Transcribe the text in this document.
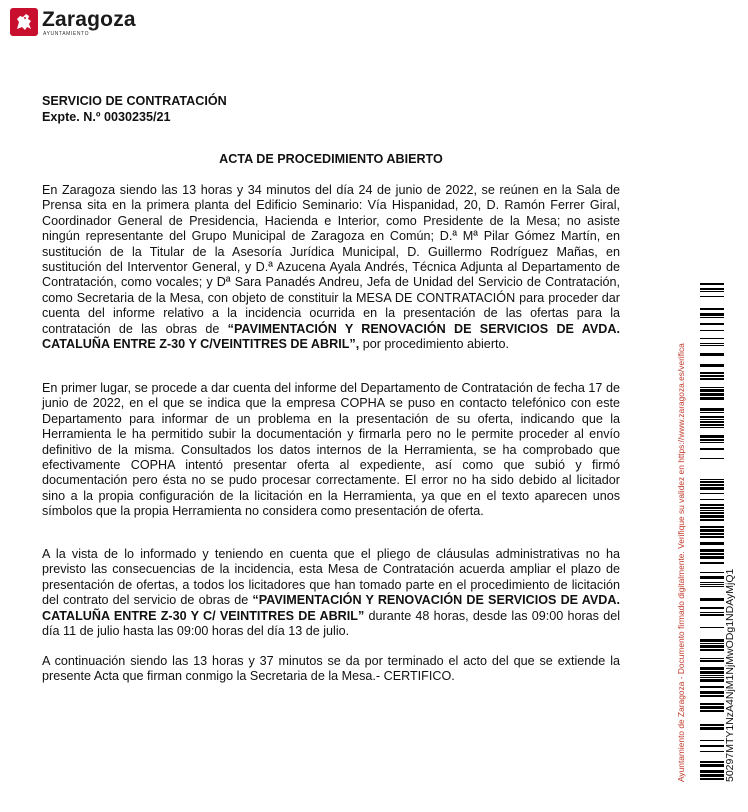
Zaragoza
AYUNTAMIENTO
SERVICIO DE CONTRATACIÓN
Expte. N.º 0030235/21
ACTA DE PROCEDIMIENTO ABIERTO

En Zaragoza siendo las 13 horas y 34 minutos del día 24 de junio de 2022, se reúnen en la Sala de Prensa sita en la primera planta del Edificio Seminario: Vía Hispanidad, 20, D. Ramón Ferrer Giral, Coordinador General de Presidencia, Hacienda e Interior, como Presidente de la Mesa; no asiste ningún representante del Grupo Municipal de Zaragoza en Común; D.ª Mª Pilar Gómez Martín, en sustitución de la Titular de la Asesoría Jurídica Municipal, D. Guillermo Rodríguez Mañas, en sustitución del Interventor General, y D.ª Azucena Ayala Andrés, Técnica Adjunta al Departamento de Contratación, como vocales; y Dª Sara Panadés Andreu, Jefa de Unidad del Servicio de Contratación, como Secretaria de la Mesa, con objeto de constituir la MESA DE CONTRATACIÓN para proceder dar cuenta del informe relativo a la incidencia ocurrida en la presentación de las ofertas para la contratación de las obras de “PAVIMENTACIÓN Y RENOVACIÓN DE SERVICIOS DE AVDA. CATALUÑA ENTRE Z-30 Y C/VEINTITRES DE ABRIL”, por procedimiento abierto.

En primer lugar, se procede a dar cuenta del informe del Departamento de Contratación de fecha 17 de junio de 2022, en el que se indica que la empresa COPHA se puso en contacto telefónico con este Departamento para informar de un problema en la presentación de su oferta, indicando que la Herramienta le ha permitido subir la documentación y firmarla pero no le permite proceder al envío definitivo de la misma. Consultados los datos internos de la Herramienta, se ha comprobado que efectivamente COPHA intentó presentar oferta al expediente, así como que subió y firmó documentación pero ésta no se pudo procesar correctamente. El error no ha sido debido al licitador sino a la propia configuración de la licitación en la Herramienta, ya que en el texto aparecen unos símbolos que la propia Herramienta no considera como presentación de oferta.

A la vista de lo informado y teniendo en cuenta que el pliego de cláusulas administrativas no ha previsto las consecuencias de la incidencia, esta Mesa de Contratación acuerda ampliar el plazo de presentación de ofertas, a todos los licitadores que han tomado parte en el procedimiento de licitación del contrato del servicio de obras de “PAVIMENTACIÓN Y RENOVACIÓN DE SERVICIOS DE AVDA. CATALUÑA ENTRE Z-30 Y C/ VEINTITRES DE ABRIL” durante 48 horas, desde las 09:00 horas del día 11 de julio hasta las 09:00 horas del día 13 de julio.

A continuación siendo las 13 horas y 37 minutos se da por terminado el acto del que se extiende la presente Acta que firman conmigo la Secretaria de la Mesa.- CERTIFICO.	Ayuntamiento de Zaragoza - Documento firmado digitalmente. Verifique su validez en https://www.zaragoza.es/verifica	50297MTY1NzA4NjM1NjMwODg1NDAyMjQ1
